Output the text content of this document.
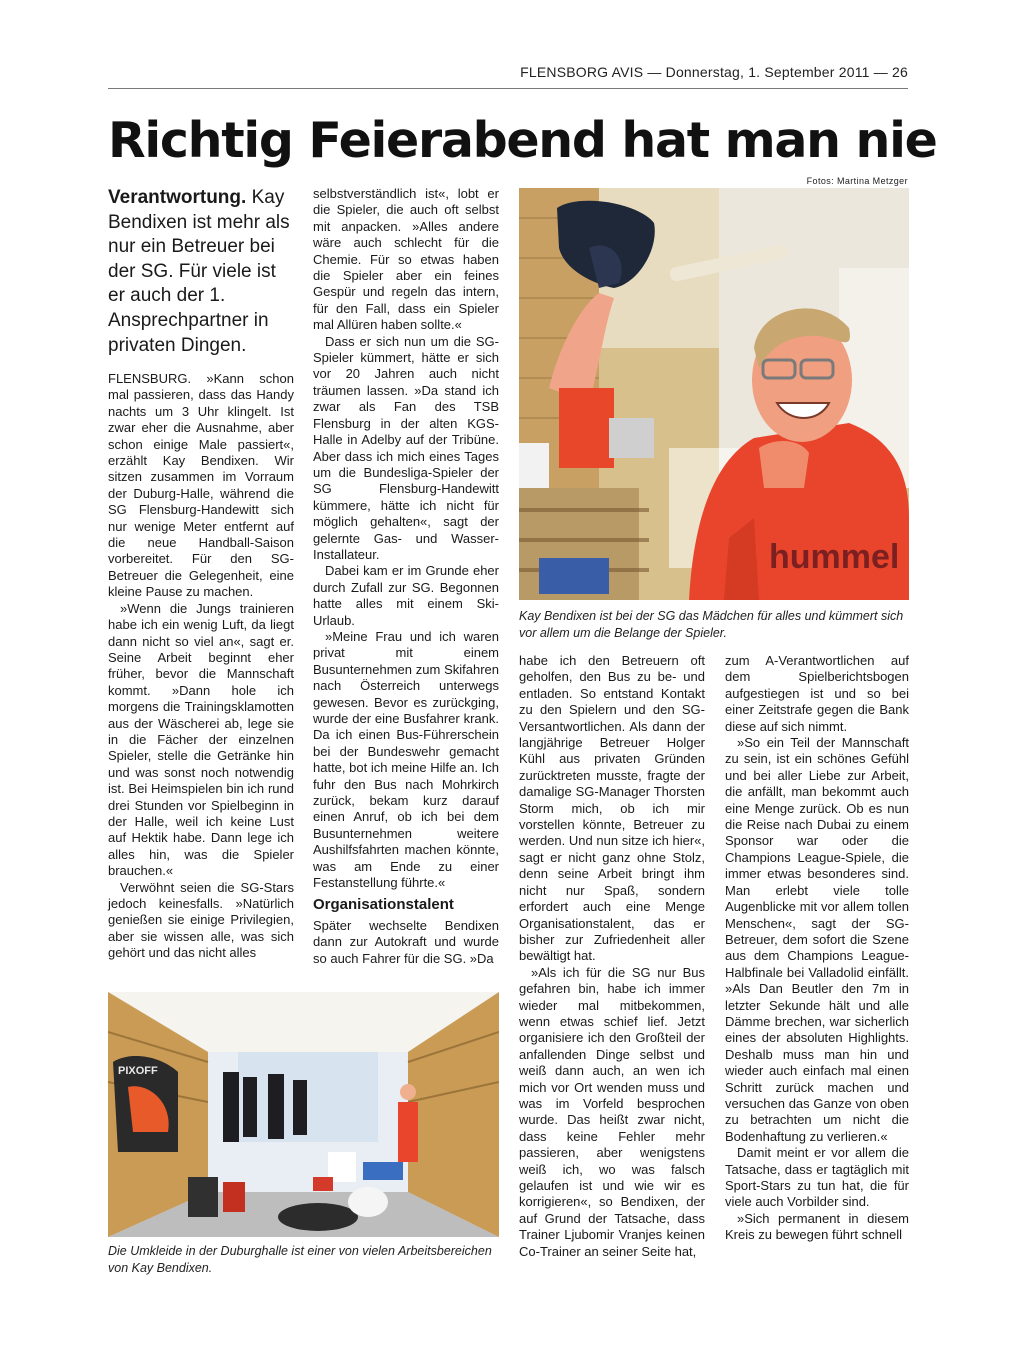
FLENSBORG AVIS — Donnerstag, 1. September 2011 — 26
Richtig Feierabend hat man nie
Fotos: Martina Metzger
Verantwortung. Kay Bendixen ist mehr als nur ein Betreuer bei der SG. Für viele ist er auch der 1. Ansprechpartner in privaten Dingen.

FLENSBURG. »Kann schon mal passieren, dass das Handy nachts um 3 Uhr klingelt. Ist zwar eher die Ausnahme, aber schon einige Male passiert«, erzählt Kay Bendixen. Wir sitzen zusammen im Vorraum der Duburg-Halle, während die SG Flensburg-Handewitt sich nur wenige Meter entfernt auf die neue Handball-Saison vorbereitet. Für den SG-Betreuer die Gelegenheit, eine kleine Pause zu machen.

»Wenn die Jungs trainieren habe ich ein wenig Luft, da liegt dann nicht so viel an«, sagt er. Seine Arbeit beginnt eher früher, bevor die Mannschaft kommt. »Dann hole ich morgens die Trainingsklamotten aus der Wäscherei ab, lege sie in die Fächer der einzelnen Spieler, stelle die Getränke hin und was sonst noch notwendig ist. Bei Heimspielen bin ich rund drei Stunden vor Spielbeginn in der Halle, weil ich keine Lust auf Hektik habe. Dann lege ich alles hin, was die Spieler brauchen.«

Verwöhnt seien die SG-Stars jedoch keinesfalls. »Natürlich genießen sie einige Privilegien, aber sie wissen alle, was sich gehört und das nicht alles

selbstverständlich ist«, lobt er die Spieler, die auch oft selbst mit anpacken. »Alles andere wäre auch schlecht für die Chemie. Für so etwas haben die Spieler aber ein feines Gespür und regeln das intern, für den Fall, dass ein Spieler mal Allüren haben sollte.«

Dass er sich nun um die SG-Spieler kümmert, hätte er sich vor 20 Jahren auch nicht träumen lassen. »Da stand ich zwar als Fan des TSB Flensburg in der alten KGS-Halle in Adelby auf der Tribüne. Aber dass ich mich eines Tages um die Bundesliga-Spieler der SG Flensburg-Handewitt kümmere, hätte ich nicht für möglich gehalten«, sagt der gelernte Gas- und Wasser-Installateur.

Dabei kam er im Grunde eher durch Zufall zur SG. Begonnen hatte alles mit einem Ski-Urlaub.

»Meine Frau und ich waren privat mit einem Busunternehmen zum Skifahren nach Österreich unterwegs gewesen. Bevor es zurückging, wurde der eine Busfahrer krank. Da ich einen Bus-Führerschein bei der Bundeswehr gemacht hatte, bot ich meine Hilfe an. Ich fuhr den Bus nach Mohrkirch zurück, bekam kurz darauf einen Anruf, ob ich bei dem Busunternehmen weitere Aushilfsfahrten machen könnte, was am Ende zu einer Festanstellung führte.«

Organisationstalent

Später wechselte Bendixen dann zur Autokraft und wurde so auch Fahrer für die SG. »Da

hummel
Kay Bendixen ist bei der SG das Mädchen für alles und kümmert sich vor allem um die Belange der Spieler.

habe ich den Betreuern oft geholfen, den Bus zu be- und entladen. So entstand Kontakt zu den Spielern und den SG-Versantwortlichen. Als dann der langjährige Betreuer Holger Kühl aus privaten Gründen zurücktreten musste, fragte der damalige SG-Manager Thorsten Storm mich, ob ich mir vorstellen könnte, Betreuer zu werden. Und nun sitze ich hier«, sagt er nicht ganz ohne Stolz, denn seine Arbeit bringt ihm nicht nur Spaß, sondern erfordert auch eine Menge Organisationstalent, das er bisher zur Zufriedenheit aller bewältigt hat.

»Als ich für die SG nur Bus gefahren bin, habe ich immer wieder mal mitbekommen, wenn etwas schief lief. Jetzt organisiere ich den Großteil der anfallenden Dinge selbst und weiß dann auch, an wen ich mich vor Ort wenden muss und was im Vorfeld besprochen wurde. Das heißt zwar nicht, dass keine Fehler mehr passieren, aber wenigstens weiß ich, wo was falsch gelaufen ist und wie wir es korrigieren«, so Bendixen, der auf Grund der Tatsache, dass Trainer Ljubomir Vranjes keinen Co-Trainer an seiner Seite hat,

zum A-Verantwortlichen auf dem Spielberichtsbogen aufgestiegen ist und so bei einer Zeitstrafe gegen die Bank diese auf sich nimmt.

»So ein Teil der Mannschaft zu sein, ist ein schönes Gefühl und bei aller Liebe zur Arbeit, die anfällt, man bekommt auch eine Menge zurück. Ob es nun die Reise nach Dubai zu einem Sponsor war oder die Champions League-Spiele, die immer etwas besonderes sind. Man erlebt viele tolle Augenblicke mit vor allem tollen Menschen«, sagt der SG-Betreuer, dem sofort die Szene aus dem Champions League-Halbfinale bei Valladolid einfällt. »Als Dan Beutler den 7m in letzter Sekunde hält und alle Dämme brechen, war sicherlich eines der absoluten Highlights. Deshalb muss man hin und wieder auch einfach mal einen Schritt zurück machen und versuchen das Ganze von oben zu betrachten um nicht die Bodenhaftung zu verlieren.«

Damit meint er vor allem die Tatsache, dass er tagtäglich mit Sport-Stars zu tun hat, die für viele auch Vorbilder sind.

»Sich permanent in diesem Kreis zu bewegen führt schnell

PIXOFF
Die Umkleide in der Duburghalle ist einer von vielen Arbeitsbereichen von Kay Bendixen.
